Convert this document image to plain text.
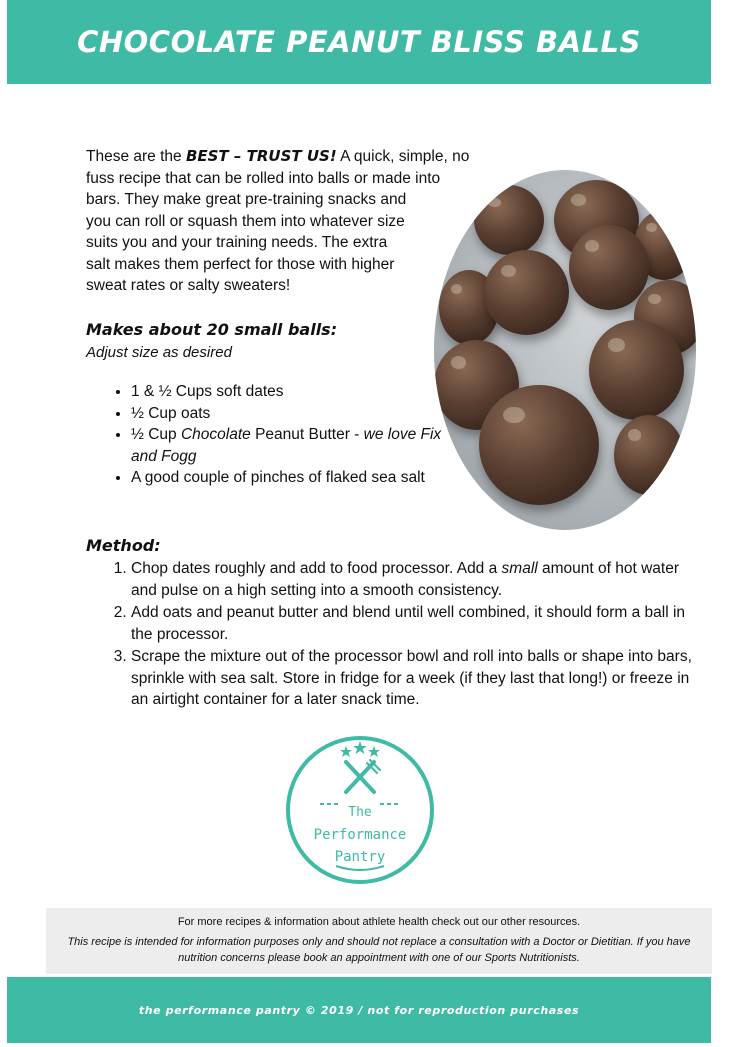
CHOCOLATE PEANUT BLISS BALLS
These are the BEST – TRUST US! A quick, simple, no fuss recipe that can be rolled into balls or made into bars. They make great pre-training snacks and you can roll or squash them into whatever size suits you and your training needs. The extra salt makes them perfect for those with higher sweat rates or salty sweaters!
Makes about 20 small balls:
Adjust size as desired
• 1 & ½ Cups soft dates
• ½ Cup oats
• ½ Cup Chocolate Peanut Butter - we love Fix and Fogg
• A good couple of pinches of flaked sea salt
Method:
1. Chop dates roughly and add to food processor. Add a small amount of hot water and pulse on a high setting into a smooth consistency.
2. Add oats and peanut butter and blend until well combined, it should form a ball in the processor.
3. Scrape the mixture out of the processor bowl and roll into balls or shape into bars, sprinkle with sea salt. Store in fridge for a week (if they last that long!) or freeze in an airtight container for a later snack time.
The
Performance
Pantry

For more recipes & information about athlete health check out our other resources.

This recipe is intended for information purposes only and should not replace a consultation with a Doctor or Dietitian. If you have nutrition concerns please book an appointment with one of our Sports Nutritionists.

the performance pantry © 2019 / not for reproduction purchases
